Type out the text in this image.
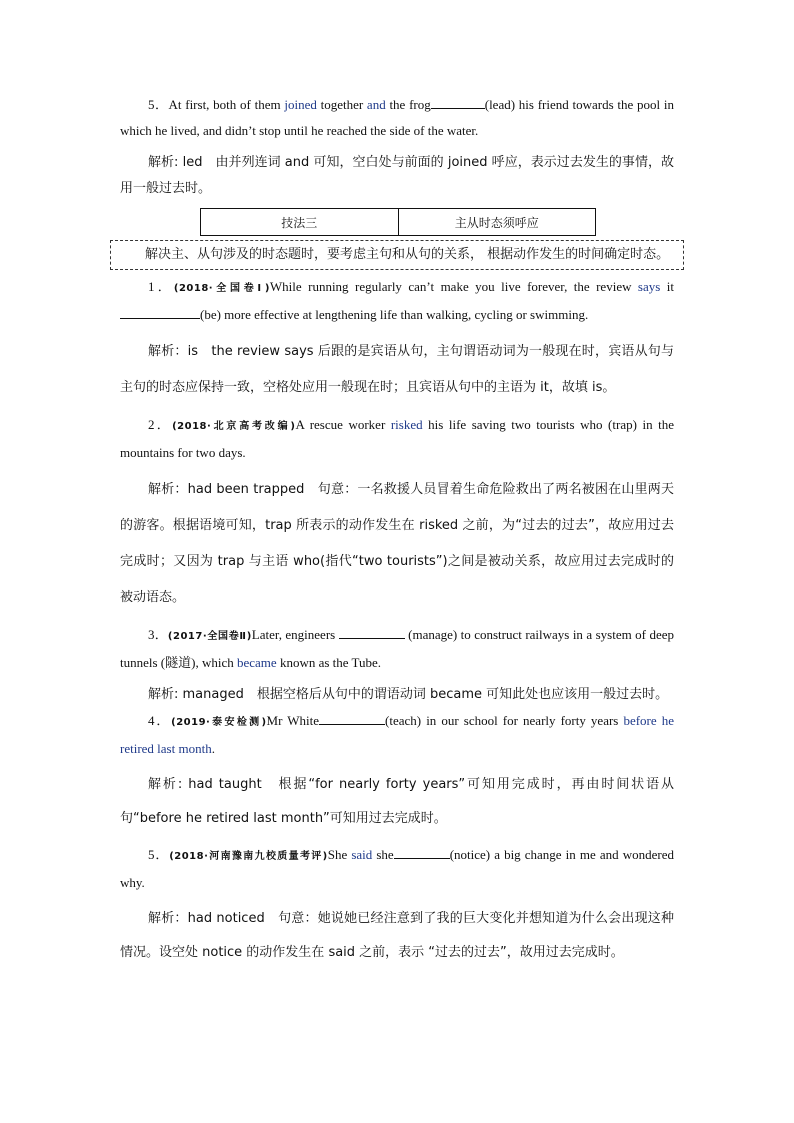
5．At first, both of them joined together and the frog	(lead) his friend towards the pool in which he lived, and didn’t stop until he reached the side of the water.

解析: led　由并列连词 and 可知，空白处与前面的 joined 呼应，表示过去发生的事情，故用一般过去时。

技法三	主从时态须呼应
解决主、从句涉及的时态题时，要考虑主句和从句的关系， 根据动作发生的时间确定时态。

1．(2018·全国卷Ⅰ)While running regularly can’t make you live forever, the review says it (be) more effective at lengthening life than walking, cycling or swimming.

解析：is　the review says 后跟的是宾语从句，主句谓语动词为一般现在时，宾语从句与主句的时态应保持一致，空格处应用一般现在时；且宾语从句中的主语为 it，故填 is。

2．(2018·北京高考改编)A rescue worker risked his life saving two tourists who (trap) in the mountains for two days.

解析：had been trapped　句意：一名救援人员冒着生命危险救出了两名被困在山里两天的游客。根据语境可知，trap 所表示的动作发生在 risked 之前，为“过去的过去”，故应用过去完成时；又因为 trap 与主语 who(指代“two tourists”)之间是被动关系，故应用过去完成时的被动语态。

3．(2017·全国卷Ⅱ)Later, engineers	(manage) to construct railways in a system of deep tunnels (隧道), which became known as the Tube.

解析: managed　根据空格后从句中的谓语动词 became 可知此处也应该用一般过去时。

4．(2019·泰安检测)Mr White	(teach) in our school for nearly forty years before he retired last month.

解析: had taught　根据“for nearly forty years”可知用完成时，再由时间状语从句“before he retired last month”可知用过去完成时。

5．(2018·河南豫南九校质量考评)She said she	(notice) a big change in me and wondered why.

解析：had noticed　句意：她说她已经注意到了我的巨大变化并想知道为什么会出现这种情况。设空处 notice 的动作发生在 said 之前，表示 “过去的过去”，故用过去完成时。
